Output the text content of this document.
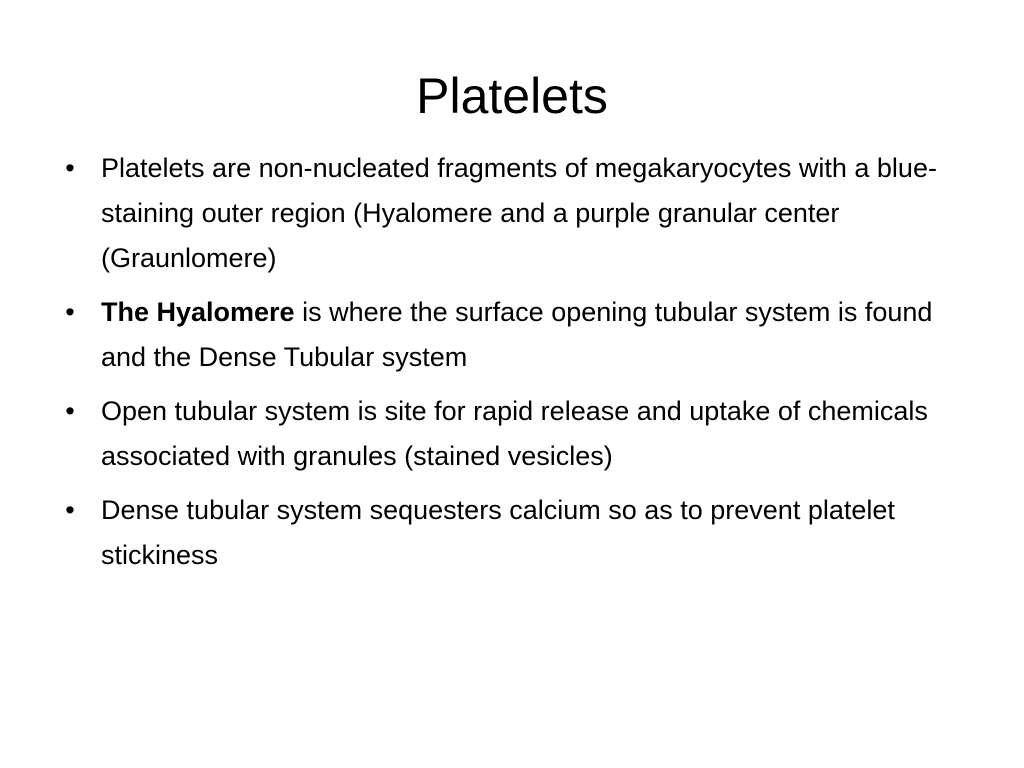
Platelets
• Platelets are non-nucleated fragments of megakaryocytes with a blue-staining outer region (Hyalomere and a purple granular center (Graunlomere)
• The Hyalomere is where the surface opening tubular system is found and the Dense Tubular system
• Open tubular system is site for rapid release and uptake of chemicals associated with granules (stained vesicles)
• Dense tubular system sequesters calcium so as to prevent platelet stickiness
